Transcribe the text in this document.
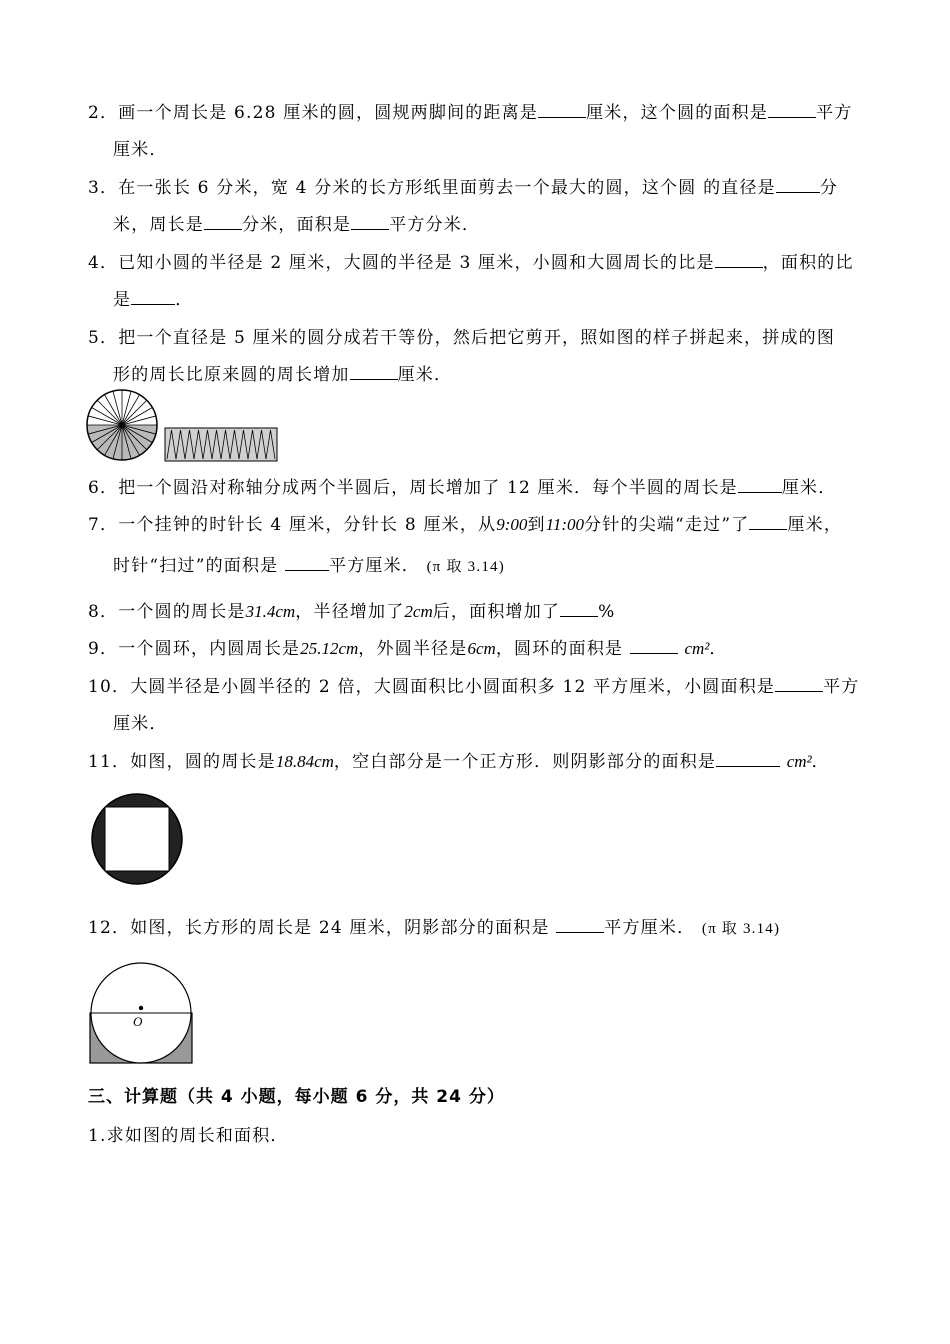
2．画一个周长是 6.28 厘米的圆，圆规两脚间的距离是	厘米，这个圆的面积是	平方
厘米．
3．在一张长 6 分米，宽 4 分米的长方形纸里面剪去一个最大的圆，这个圆 的直径是	分
米，周长是 分米，面积是 平方分米．
4．已知小圆的半径是 2 厘米，大圆的半径是 3 厘米，小圆和大圆周长的比是	，面积的比
是	．
5．把一个直径是 5 厘米的圆分成若干等份，然后把它剪开，照如图的样子拼起来，拼成的图
形的周长比原来圆的周长增加	厘米．
6．把一个圆沿对称轴分成两个半圆后，周长增加了 12 厘米．每个半圆的周长是	厘米．
7．一个挂钟的时针长 4 厘米，分针长 8 厘米，从9:00到11:00分针的尖端“走过”了 厘米，
时针“扫过”的面积是	平方厘米． (π 取 3.14)
8．一个圆的周长是31.4cm，半径增加了2cm后，面积增加了 %
9．一个圆环，内圆周长是25.12cm，外圆半径是6cm，圆环的面积是	cm²．
10．大圆半径是小圆半径的 2 倍，大圆面积比小圆面积多 12 平方厘米，小圆面积是	平方
厘米．
11．如图，圆的周长是18.84cm，空白部分是一个正方形．则阴影部分的面积是	cm²．
12．如图，长方形的周长是 24 厘米，阴影部分的面积是	平方厘米． (π 取 3.14)
O
三、计算题（共 4 小题，每小题 6 分，共 24 分）
1.求如图的周长和面积．
